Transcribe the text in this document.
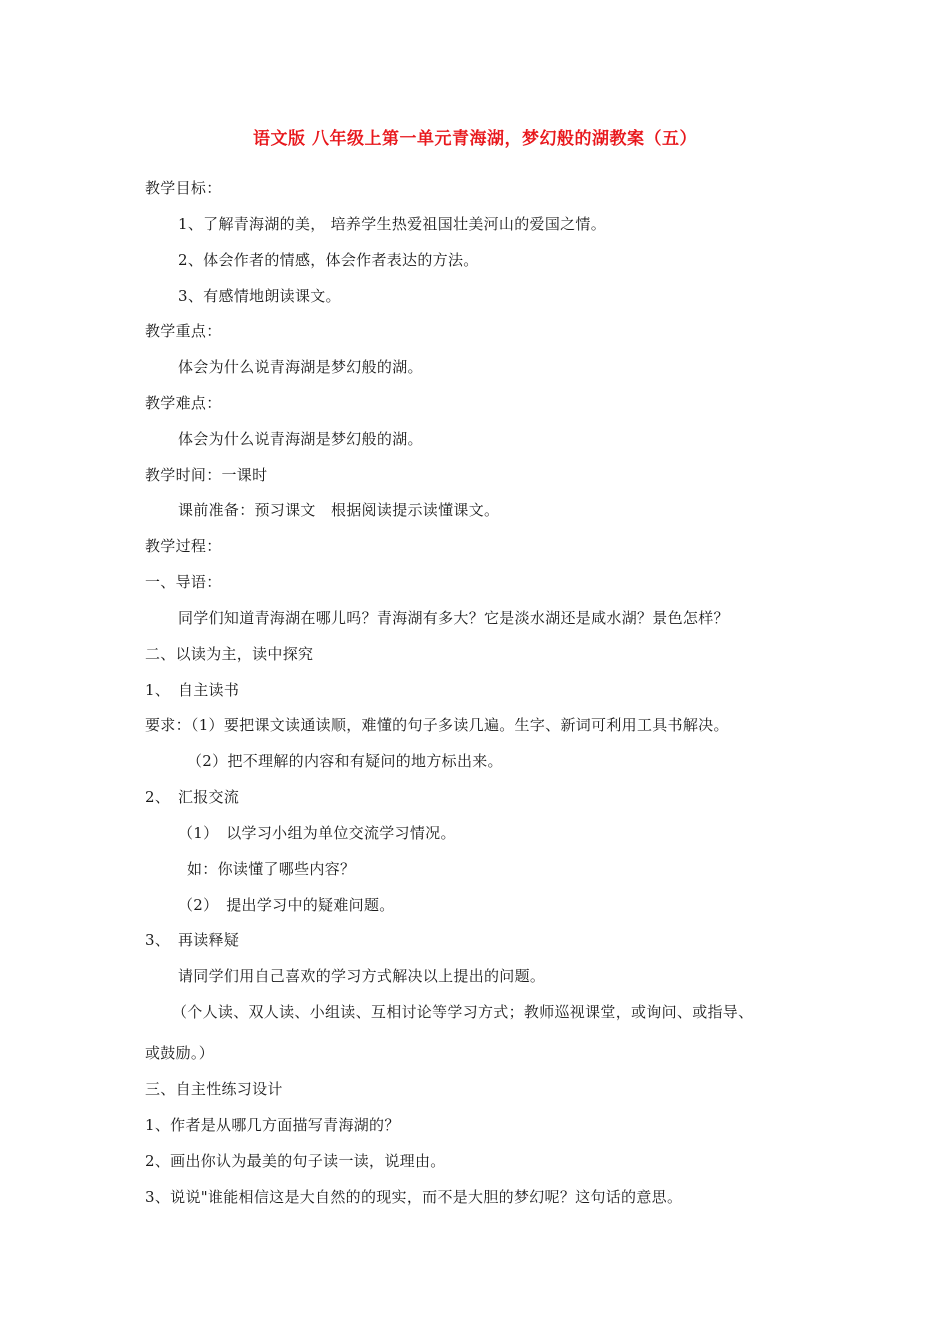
语文版 八年级上第一单元青海湖，梦幻般的湖教案（五）
教学目标：
1、了解青海湖的美， 培养学生热爱祖国壮美河山的爱国之情。
2、体会作者的情感，体会作者表达的方法。
3、有感情地朗读课文。
教学重点：
体会为什么说青海湖是梦幻般的湖。
教学难点：
体会为什么说青海湖是梦幻般的湖。
教学时间：一课时
课前准备：预习课文　根据阅读提示读懂课文。
教学过程：
一、导语：
同学们知道青海湖在哪儿吗？青海湖有多大？它是淡水湖还是咸水湖？景色怎样？
二、以读为主，读中探究
1、　自主读书
要求：（1）要把课文读通读顺，难懂的句子多读几遍。生字、新词可利用工具书解决。
（2）把不理解的内容和有疑问的地方标出来。
2、　汇报交流
（1）　以学习小组为单位交流学习情况。
如：你读懂了哪些内容？
（2）　提出学习中的疑难问题。
3、　再读释疑
请同学们用自己喜欢的学习方式解决以上提出的问题。
（个人读、双人读、小组读、互相讨论等学习方式；教师巡视课堂，或询问、或指导、
或鼓励。）
三、自主性练习设计
1、作者是从哪几方面描写青海湖的？
2、画出你认为最美的句子读一读，说理由。
3、说说"谁能相信这是大自然的的现实，而不是大胆的梦幻呢？这句话的意思。
